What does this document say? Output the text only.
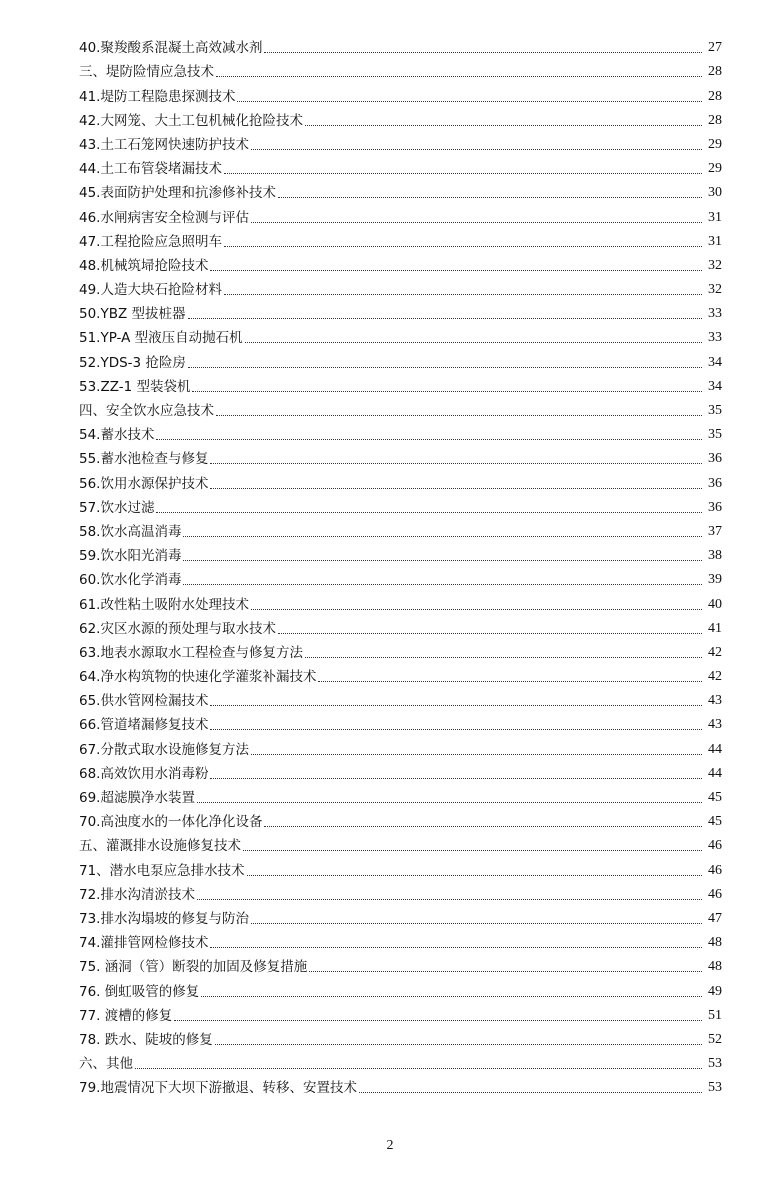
40.聚羧酸系混凝土高效减水剂	27
三、堤防险情应急技术	28
41.堤防工程隐患探测技术	28
42.大网笼、大土工包机械化抢险技术	28
43.土工石笼网快速防护技术	29
44.土工布管袋堵漏技术	29
45.表面防护处理和抗渗修补技术	30
46.水闸病害安全检测与评估	31
47.工程抢险应急照明车	31
48.机械筑埽抢险技术	32
49.人造大块石抢险材料	32
50.YBZ 型拔桩器	33
51.YP-A 型液压自动抛石机	33
52.YDS-3 抢险房	34
53.ZZ-1 型装袋机	34
四、安全饮水应急技术	35
54.蓄水技术	35
55.蓄水池检查与修复	36
56.饮用水源保护技术	36
57.饮水过滤	36
58.饮水高温消毒	37
59.饮水阳光消毒	38
60.饮水化学消毒	39
61.改性粘土吸附水处理技术	40
62.灾区水源的预处理与取水技术	41
63.地表水源取水工程检查与修复方法	42
64.净水构筑物的快速化学灌浆补漏技术	42
65.供水管网检漏技术	43
66.管道堵漏修复技术	43
67.分散式取水设施修复方法	44
68.高效饮用水消毒粉	44
69.超滤膜净水装置	45
70.高浊度水的一体化净化设备	45
五、灌溉排水设施修复技术	46
71、潜水电泵应急排水技术	46
72.排水沟清淤技术	46
73.排水沟塌坡的修复与防治	47
74.灌排管网检修技术	48
75. 涵洞（管）断裂的加固及修复措施	48
76. 倒虹吸管的修复	49
77. 渡槽的修复	51
78. 跌水、陡坡的修复	52
六、其他	53
79.地震情况下大坝下游撤退、转移、安置技术	53
2
